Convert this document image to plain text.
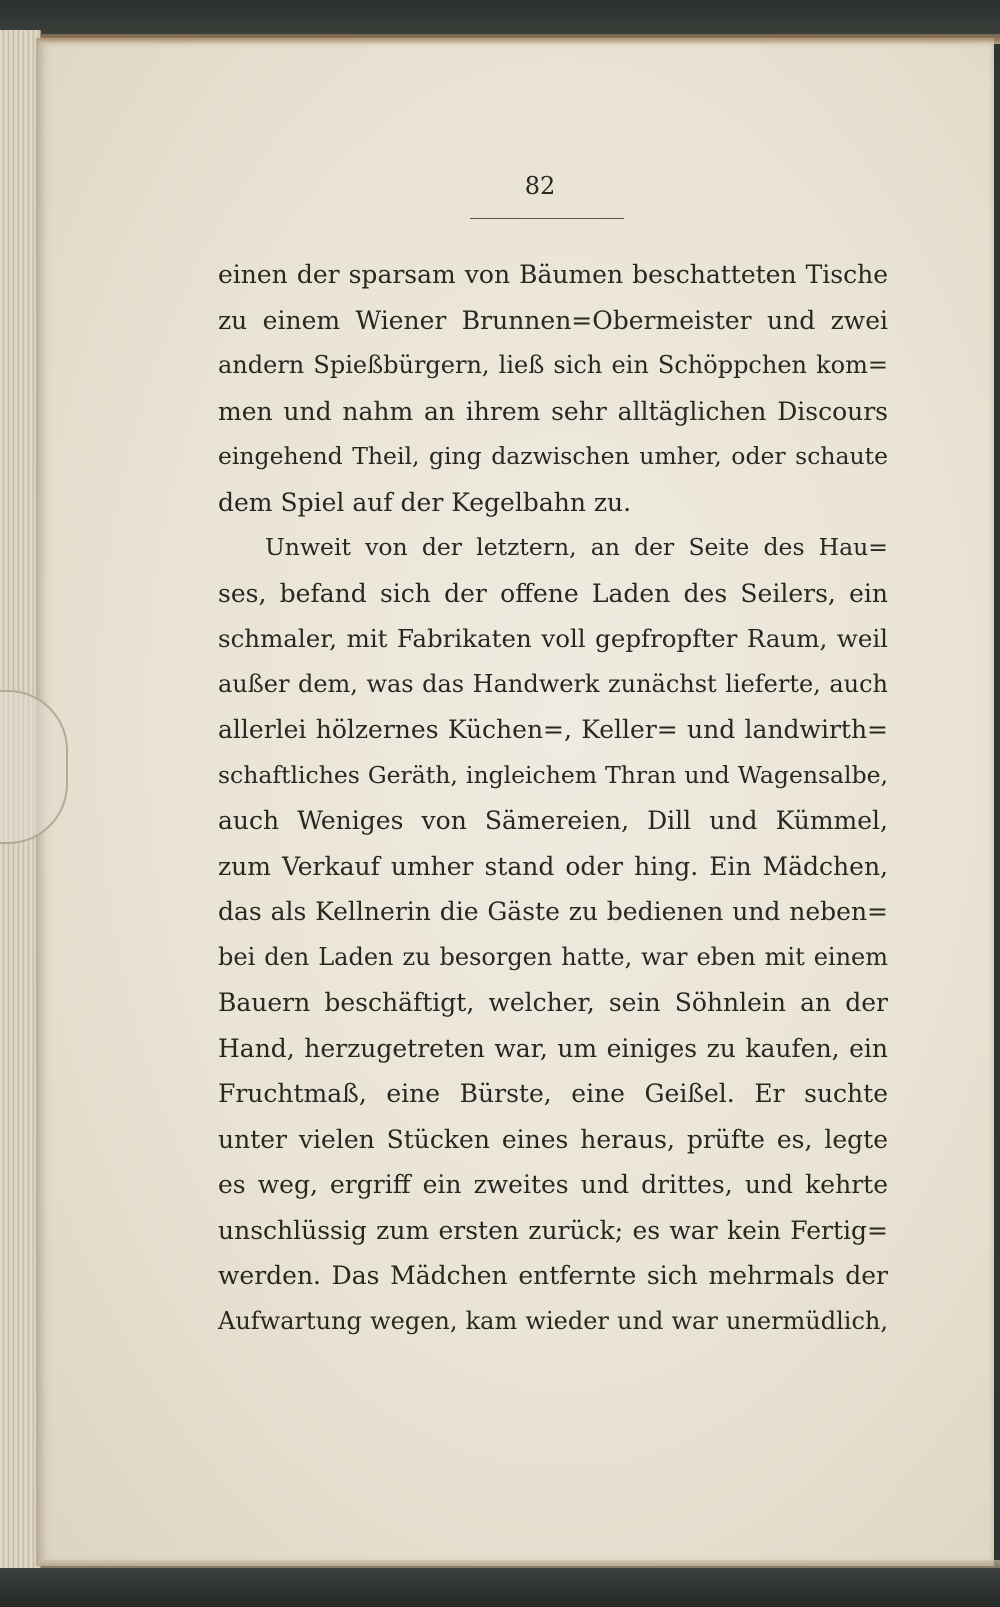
82
einen der sparsam von Bäumen beschatteten Tische
zu einem Wiener Brunnen=Obermeister und zwei
andern Spießbürgern, ließ sich ein Schöppchen kom=
men und nahm an ihrem sehr alltäglichen Discours
eingehend Theil, ging dazwischen umher, oder schaute
dem Spiel auf der Kegelbahn zu.
Unweit von der letztern, an der Seite des Hau=
ses, befand sich der offene Laden des Seilers, ein
schmaler, mit Fabrikaten voll gepfropfter Raum, weil
außer dem, was das Handwerk zunächst lieferte, auch
allerlei hölzernes Küchen=, Keller= und landwirth=
schaftliches Geräth, ingleichem Thran und Wagensalbe,
auch Weniges von Sämereien, Dill und Kümmel,
zum Verkauf umher stand oder hing. Ein Mädchen,
das als Kellnerin die Gäste zu bedienen und neben=
bei den Laden zu besorgen hatte, war eben mit einem
Bauern beschäftigt, welcher, sein Söhnlein an der
Hand, herzugetreten war, um einiges zu kaufen, ein
Fruchtmaß, eine Bürste, eine Geißel. Er suchte
unter vielen Stücken eines heraus, prüfte es, legte
es weg, ergriff ein zweites und drittes, und kehrte
unschlüssig zum ersten zurück; es war kein Fertig=
werden. Das Mädchen entfernte sich mehrmals der
Aufwartung wegen, kam wieder und war unermüdlich,
